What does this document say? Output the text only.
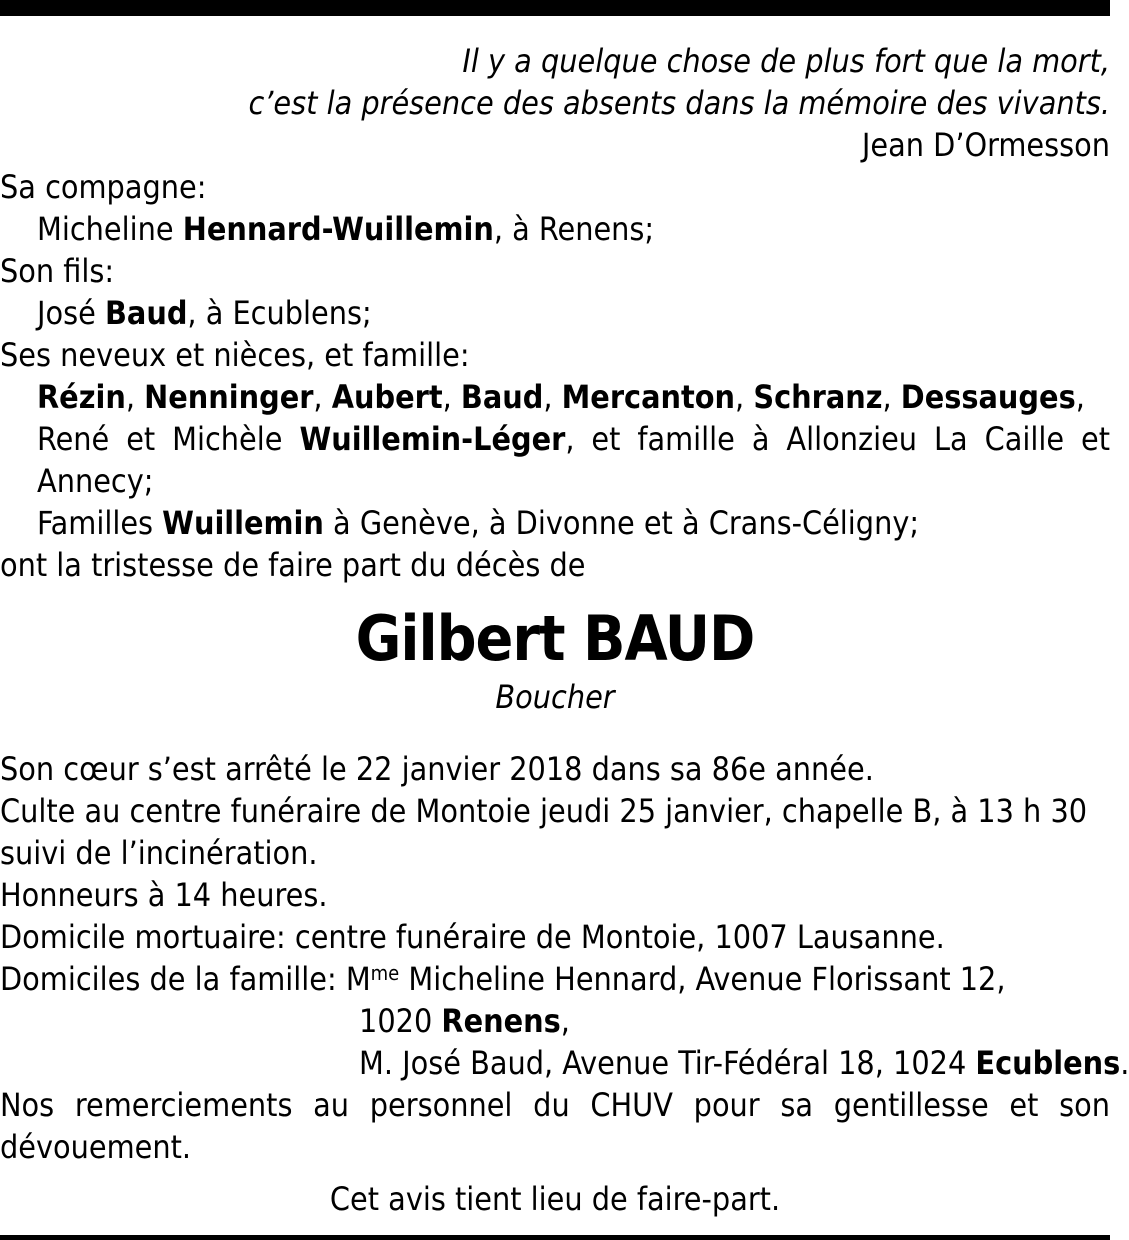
Il y a quelque chose de plus fort que la mort,
c’est la présence des absents dans la mémoire des vivants.
Jean D’Ormesson
Sa compagne:
Micheline Hennard-Wuillemin, à Renens;
Son fils:
José Baud, à Ecublens;
Ses neveux et nièces, et famille:
Rézin, Nenninger, Aubert, Baud, Mercanton, Schranz, Dessauges,
René et Michèle Wuillemin-Léger, et famille à Allonzieu La Caille et
Annecy;
Familles Wuillemin à Genève, à Divonne et à Crans-Céligny;
ont la tristesse de faire part du décès de
Gilbert BAUD
Boucher
Son cœur s’est arrêté le 22 janvier 2018 dans sa 86e année.
Culte au centre funéraire de Montoie jeudi 25 janvier, chapelle B, à 13 h 30
suivi de l’incinération.
Honneurs à 14 heures.
Domicile mortuaire: centre funéraire de Montoie, 1007 Lausanne.
Domiciles de la famille: $M^{me}$ Micheline Hennard, Avenue Florissant 12,
1020 Renens,
M. José Baud, Avenue Tir-Fédéral 18, 1024 Ecublens.
Nos remerciements au personnel du CHUV pour sa gentillesse et son
dévouement.
Cet avis tient lieu de faire-part.
